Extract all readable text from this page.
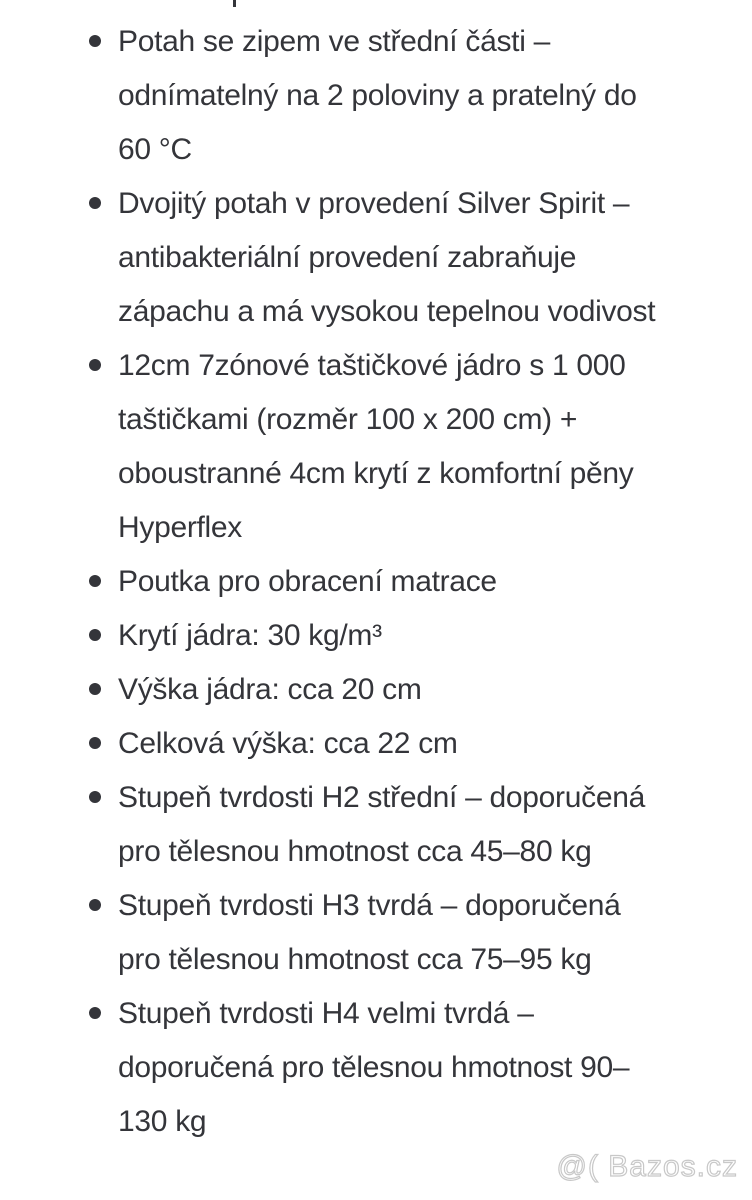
Potah se zipem ve střední části –
odnímatelný na 2 poloviny a pratelný do
60 °C
Dvojitý potah v provedení Silver Spirit –
antibakteriální provedení zabraňuje
zápachu a má vysokou tepelnou vodivost
12cm 7zónové taštičkové jádro s 1 000
taštičkami (rozměr 100 x 200 cm) +
oboustranné 4cm krytí z komfortní pěny
Hyperflex
Poutka pro obracení matrace
Krytí jádra: 30 kg/m³
Výška jádra: cca 20 cm
Celková výška: cca 22 cm
Stupeň tvrdosti H2 střední – doporučená
pro tělesnou hmotnost cca 45–80 kg
Stupeň tvrdosti H3 tvrdá – doporučená
pro tělesnou hmotnost cca 75–95 kg
Stupeň tvrdosti H4 velmi tvrdá –
doporučená pro tělesnou hmotnost 90–
130 kg
@( Bazos.cz
